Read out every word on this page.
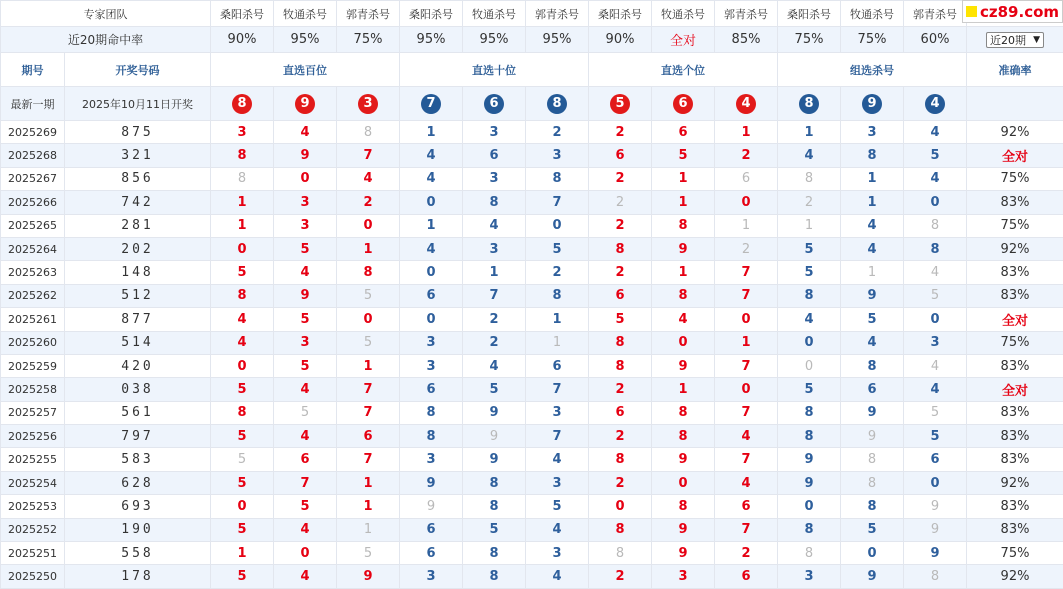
cz89.com
专家团队		桑阳杀号	牧通杀号	郭青杀号	桑阳杀号	牧通杀号	郭青杀号	桑阳杀号	牧通杀号	郭青杀号	桑阳杀号	牧通杀号	郭青杀号	
近20期命中率		90%	95%	75%	95%	95%	95%	90%	全对	85%	75%	75%	60%	近20期 ▼

期号	开奖号码	直选百位			直选十位			直选个位			组选杀号			准确率
最新一期	2025年10月11日开奖	8	9	3	7	6	8	5	6	4	8	9	4	
2025269	875	3	4	8	1	3	2	2	6	1	1	3	4	92%
2025268	321	8	9	7	4	6	3	6	5	2	4	8	5	全对
2025267	856	8	0	4	4	3	8	2	1	6	8	1	4	75%
2025266	742	1	3	2	0	8	7	2	1	0	2	1	0	83%
2025265	281	1	3	0	1	4	0	2	8	1	1	4	8	75%
2025264	202	0	5	1	4	3	5	8	9	2	5	4	8	92%
2025263	148	5	4	8	0	1	2	2	1	7	5	1	4	83%
2025262	512	8	9	5	6	7	8	6	8	7	8	9	5	83%
2025261	877	4	5	0	0	2	1	5	4	0	4	5	0	全对
2025260	514	4	3	5	3	2	1	8	0	1	0	4	3	75%
2025259	420	0	5	1	3	4	6	8	9	7	0	8	4	83%
2025258	038	5	4	7	6	5	7	2	1	0	5	6	4	全对
2025257	561	8	5	7	8	9	3	6	8	7	8	9	5	83%
2025256	797	5	4	6	8	9	7	2	8	4	8	9	5	83%
2025255	583	5	6	7	3	9	4	8	9	7	9	8	6	83%
2025254	628	5	7	1	9	8	3	2	0	4	9	8	0	92%
2025253	693	0	5	1	9	8	5	0	8	6	0	8	9	83%
2025252	190	5	4	1	6	5	4	8	9	7	8	5	9	83%
2025251	558	1	0	5	6	8	3	8	9	2	8	0	9	75%
2025250	178	5	4	9	3	8	4	2	3	6	3	9	8	92%
